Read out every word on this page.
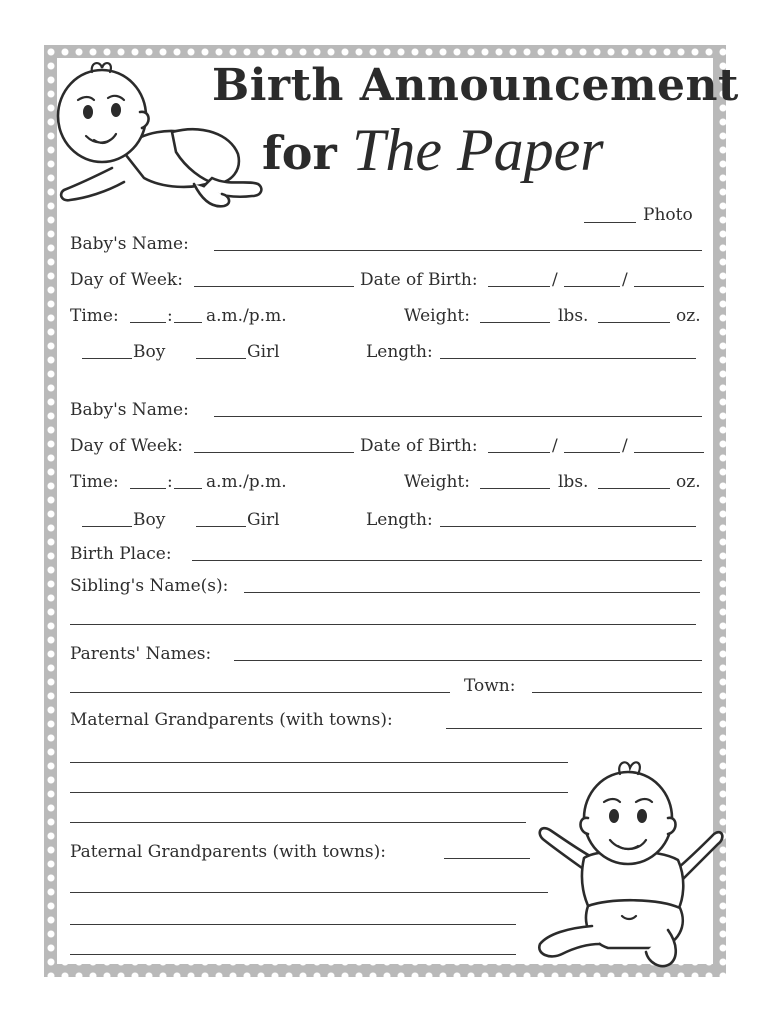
Birth Announcement
for The Paper
Photo
Baby's Name:
Day of Week:	Date of Birth:	/	/
Time:	: a.m./p.m.	Weight:	lbs.	oz.
Boy	Girl	Length:
Baby's Name:
Day of Week:	Date of Birth:	/	/
Time:	: a.m./p.m.	Weight:	lbs.	oz.
Boy	Girl	Length:
Birth Place:
Sibling's Name(s):
Parents' Names:
Town:
Maternal Grandparents (with towns):
Paternal Grandparents (with towns):
